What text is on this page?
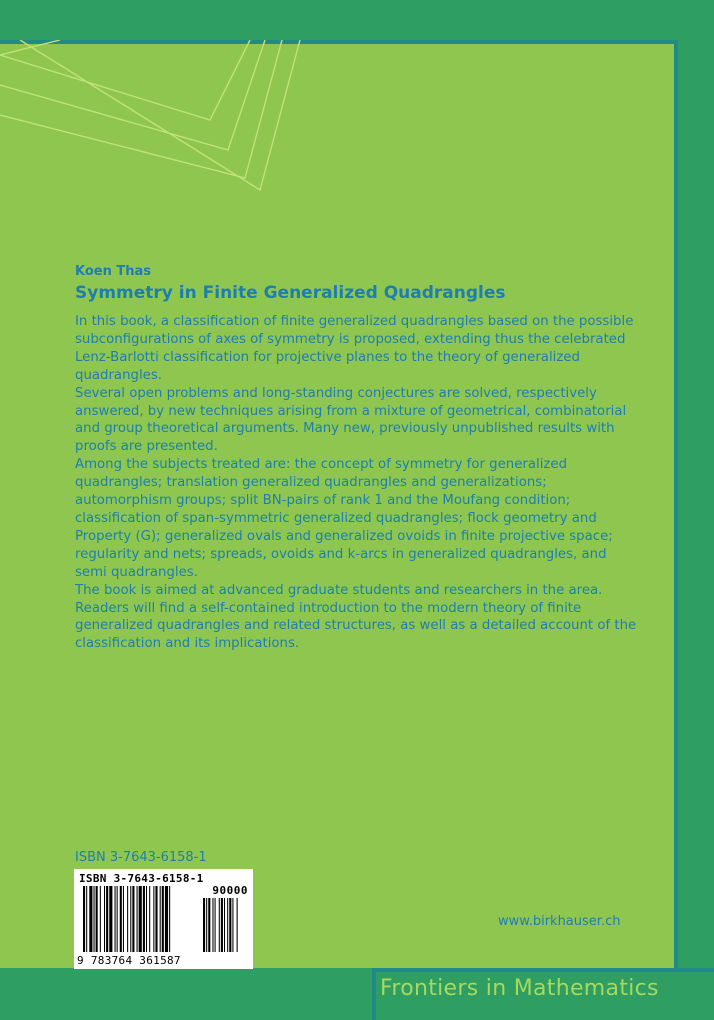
Koen Thas
Symmetry in Finite Generalized Quadrangles

In this book, a classification of finite generalized quadrangles based on the possible subconfigurations of axes of symmetry is proposed, extending thus the celebrated Lenz-Barlotti classification for projective planes to the theory of generalized quadrangles.

Several open problems and long-standing conjectures are solved, respectively answered, by new techniques arising from a mixture of geometrical, combinatorial and group theoretical arguments. Many new, previously unpublished results with proofs are presented.

Among the subjects treated are: the concept of symmetry for generalized quadrangles; translation generalized quadrangles and generalizations; automorphism groups; split BN-pairs of rank 1 and the Moufang condition; classification of span-symmetric generalized quadrangles; flock geometry and Property (G); generalized ovals and generalized ovoids in finite projective space; regularity and nets; spreads, ovoids and k-arcs in generalized quadrangles, and semi quadrangles.

The book is aimed at advanced graduate students and researchers in the area. Readers will find a self-contained introduction to the modern theory of finite generalized quadrangles and related structures, as well as a detailed account of the classification and its implications.

ISBN 3-7643-6158-1
ISBN 3-7643-6158-1
90000
9 783764 361587
www.birkhauser.ch
Frontiers in Mathematics
